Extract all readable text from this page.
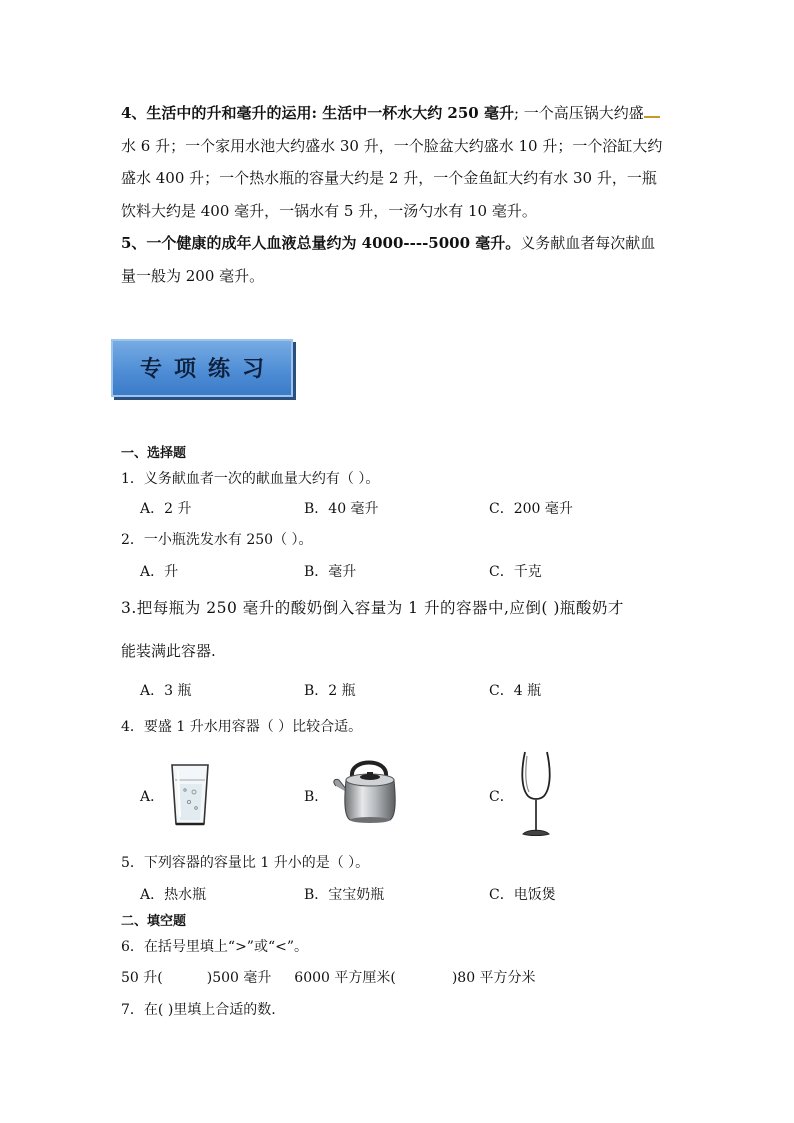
4、生活中的升和毫升的运用: 生活中一杯水大约 250 毫升; 一个高压锅大约盛

水 6 升；一个家用水池大约盛水 30 升，一个脸盆大约盛水 10 升；一个浴缸大约

盛水 400 升；一个热水瓶的容量大约是 2 升，一个金鱼缸大约有水 30 升，一瓶

饮料大约是 400 毫升，一锅水有 5 升，一汤勺水有 10 毫升。

5、一个健康的成年人血液总量约为 4000----5000 毫升。义务献血者每次献血

量一般为 200 毫升。

专项练习
一、选择题
1．义务献血者一次的献血量大约有（ ）。
A．2 升	B．40 毫升	C．200 毫升
2．一小瓶洗发水有 250（ ）。
A．升	B．毫升	C．千克
3.把每瓶为 250 毫升的酸奶倒入容量为 1 升的容器中,应倒( )瓶酸奶才
能装满此容器.
A．3 瓶	B．2 瓶	C．4 瓶
4．要盛 1 升水用容器（ ）比较合适。
A．	B．	C．
5．下列容器的容量比 1 升小的是（ ）。
A．热水瓶	B．宝宝奶瓶	C．电饭煲
二、填空题
6．在括号里填上“>”或“<”。
50 升(	)500 毫升 6000 平方厘米(	)80 平方分米
7．在( )里填上合适的数.
